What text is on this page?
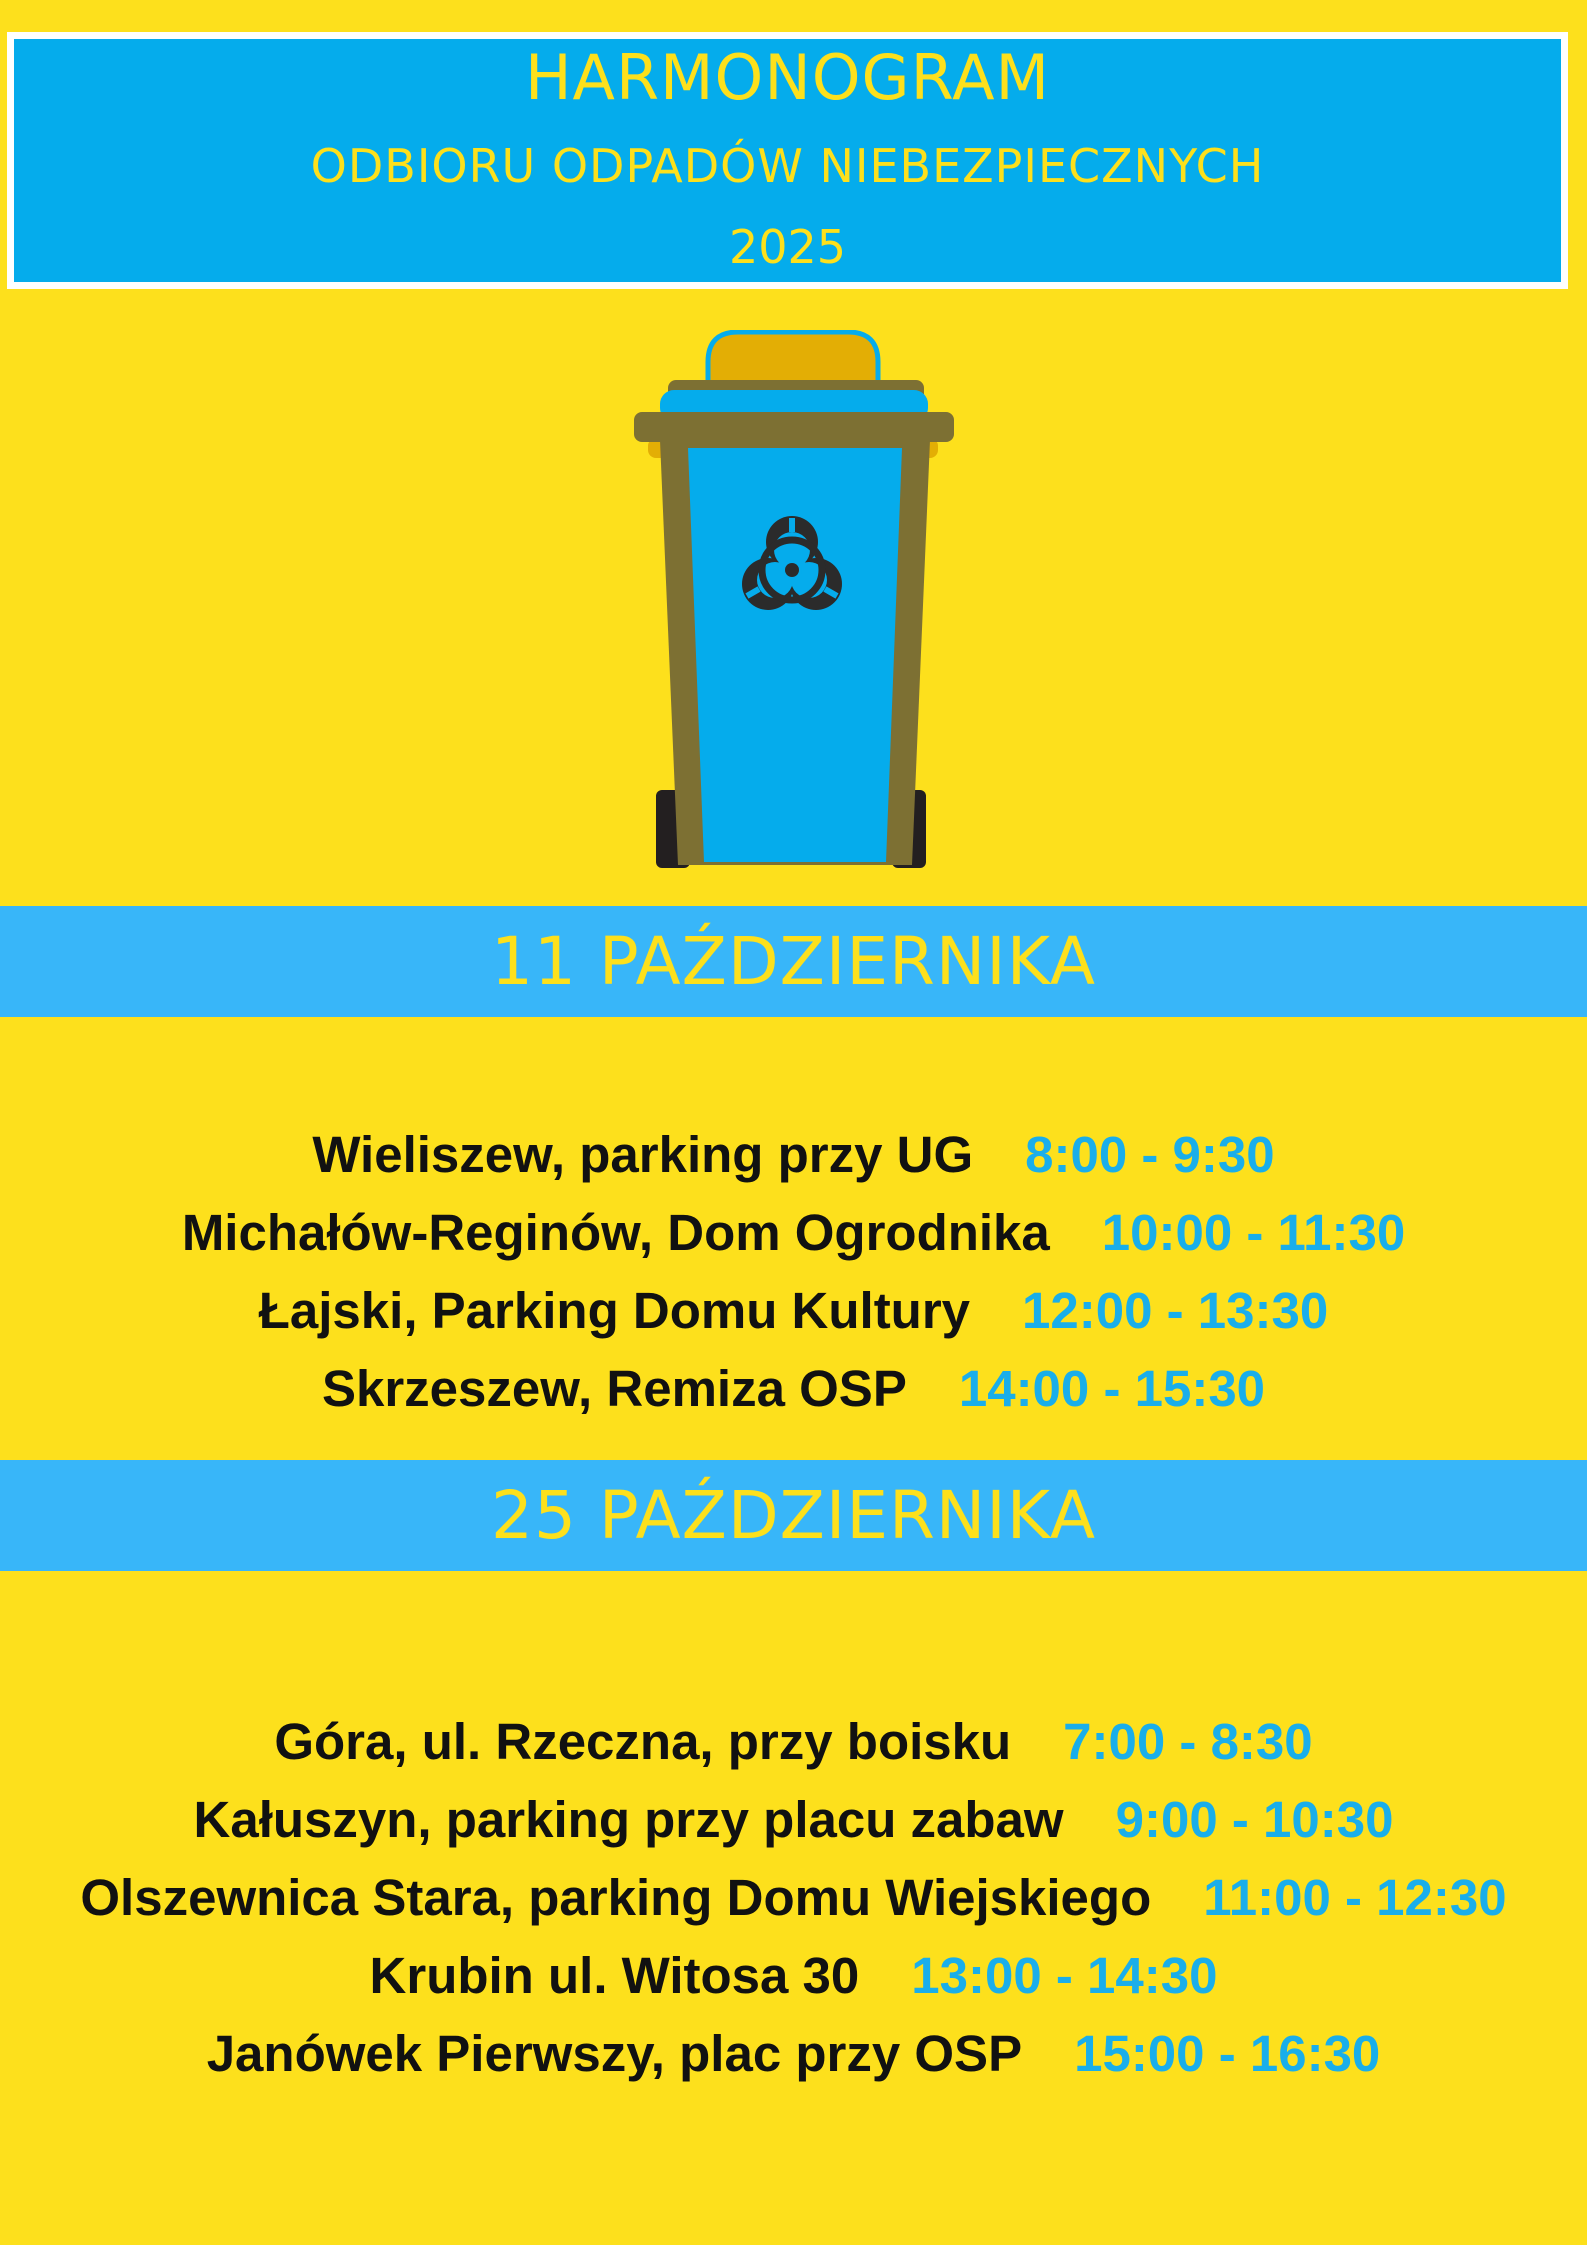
HARMONOGRAM
ODBIORU ODPADÓW NIEBEZPIECZNYCH
2025
11 PAŹDZIERNIKA
Wieliszew, parking przy UG 8:00 - 9:30
Michałów-Reginów, Dom Ogrodnika 10:00 - 11:30
Łajski, Parking Domu Kultury 12:00 - 13:30
Skrzeszew, Remiza OSP 14:00 - 15:30
25 PAŹDZIERNIKA
Góra, ul. Rzeczna, przy boisku 7:00 - 8:30
Kałuszyn, parking przy placu zabaw 9:00 - 10:30
Olszewnica Stara, parking Domu Wiejskiego 11:00 - 12:30
Krubin ul. Witosa 30 13:00 - 14:30
Janówek Pierwszy, plac przy OSP 15:00 - 16:30
